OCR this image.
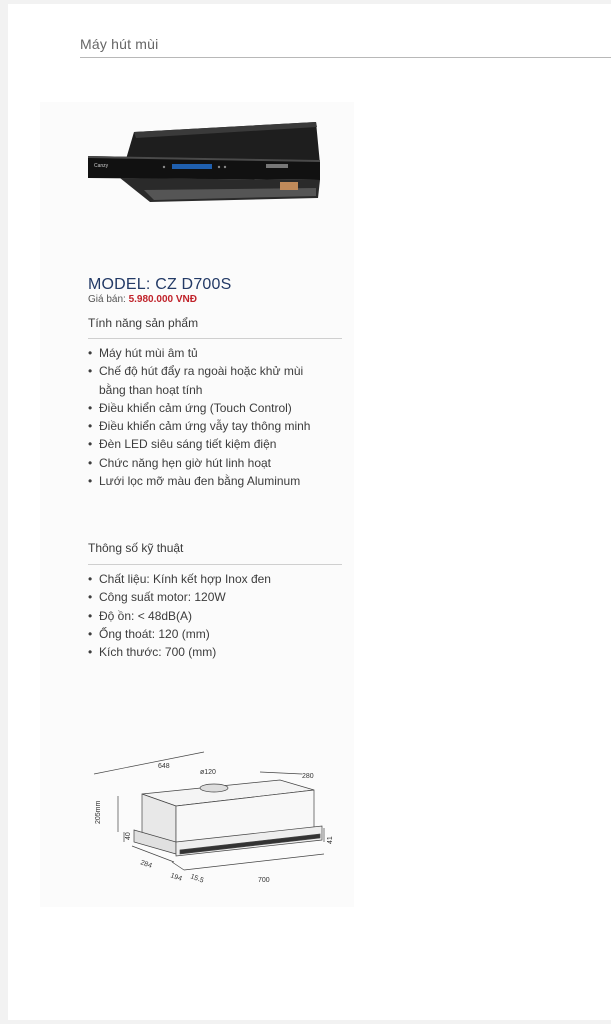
Máy hút mùi
Canzy
MODEL: CZ D700S
Giá bán: 5.980.000 VNĐ
Tính năng sản phẩm
• Máy hút mùi âm tủ
• Chế độ hút đẩy ra ngoài hoặc khử mùi
bằng than hoạt tính
• Điều khiển cảm ứng (Touch Control)
• Điều khiển cảm ứng vẫy tay thông minh
• Đèn LED siêu sáng tiết kiệm điện
• Chức năng hẹn giờ hút linh hoạt
• Lưới lọc mỡ màu đen bằng Aluminum
Thông số kỹ thuật
• Chất liệu: Kính kết hợp Inox đen
• Công suất motor: 120W
• Độ ồn: < 48dB(A)
• Ống thoát: 120 (mm)
• Kích thước: 700 (mm)
648
280
ø120
205mm
40
41
284
194 15.5	700
